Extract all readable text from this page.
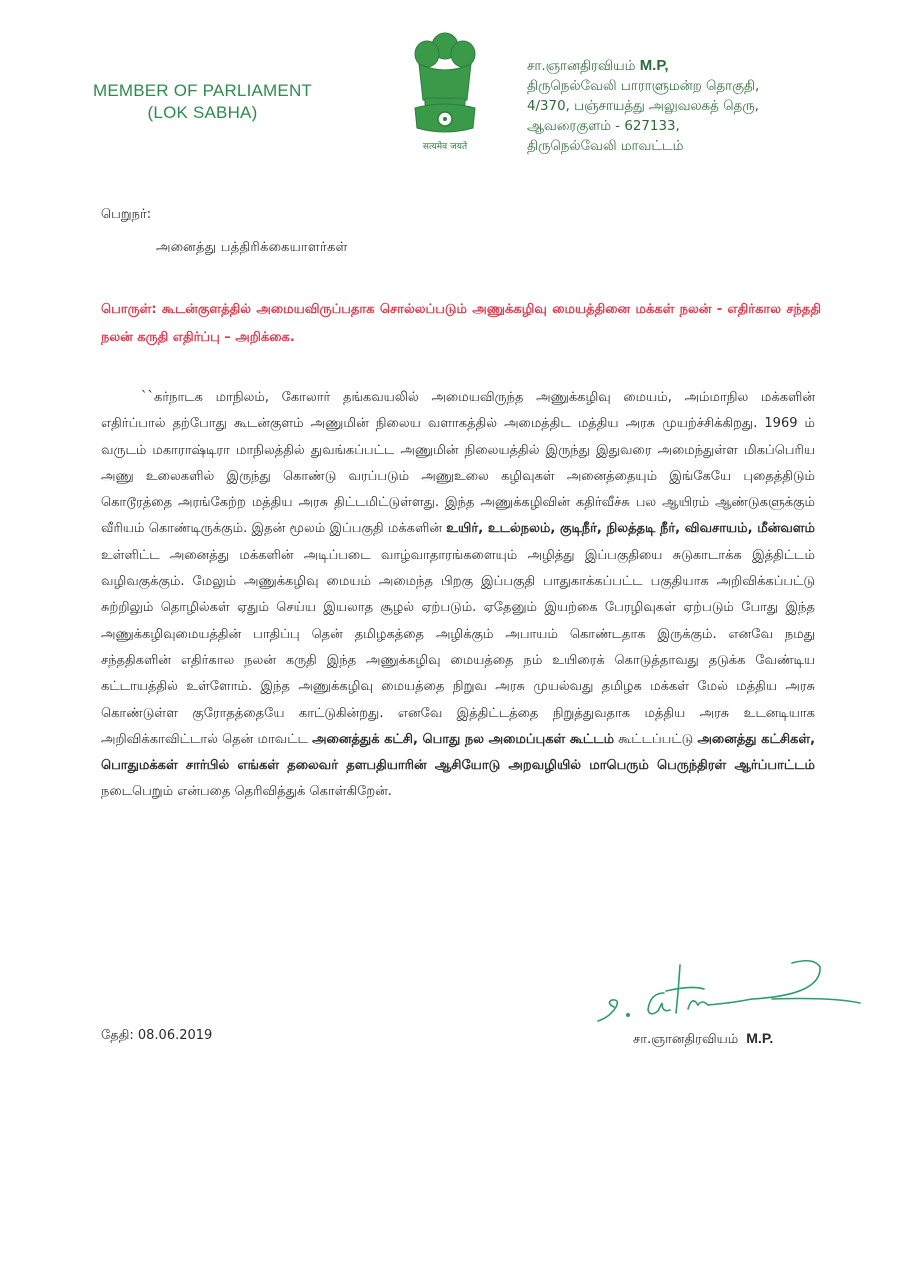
MEMBER OF PARLIAMENT
(LOK SABHA)
सत्यमेव जयते
சா.ஞானதிரவியம் M.P,
திருநெல்வேலி பாராளுமன்ற தொகுதி,
4/370, பஞ்சாயத்து அலுவலகத் தெரு,
ஆவரைகுளம் - 627133,
திருநெல்வேலி மாவட்டம்
பெறுநர்:
அனைத்து பத்திரிக்கையாளர்கள்
பொருள்: கூடன்குளத்தில் அமையவிருப்பதாக சொல்லப்படும் அணுக்கழிவு மையத்தினை மக்கள் நலன் - எதிர்கால சந்ததி நலன் கருதி எதிர்ப்பு – அறிக்கை.

``கர்நாடக மாநிலம், கோலார் தங்கவயலில் அமையவிருந்த அணுக்கழிவு மையம், அம்மாநில மக்களின் எதிர்ப்பால் தற்போது கூடன்குளம் அணுமின் நிலைய வளாகத்தில் அமைத்திட மத்திய அரசு முயற்ச்சிக்கிறது. 1969 ம் வருடம் மகாராஷ்டிரா மாநிலத்தில் துவங்கப்பட்ட அணுமின் நிலையத்தில் இருந்து இதுவரை அமைந்துள்ள மிகப்பெரிய அணு உலைகளில் இருந்து கொண்டு வரப்படும் அணுஉலை கழிவுகள் அனைத்தையும் இங்கேயே புதைத்திடும் கொடூரத்தை அரங்கேற்ற மத்திய அரசு திட்டமிட்டுள்ளது. இந்த அணுக்கழிவின் கதிர்வீச்சு பல ஆயிரம் ஆண்டுகளுக்கும் வீரியம் கொண்டிருக்கும். இதன் மூலம் இப்பகுதி மக்களின் உயிர், உடல்நலம், குடிநீர், நிலத்தடி நீர், விவசாயம், மீன்வளம் உள்ளிட்ட அனைத்து மக்களின் அடிப்படை வாழ்வாதாரங்களையும் அழித்து இப்பகுதியை சுடுகாடாக்க இத்திட்டம் வழிவகுக்கும். மேலும் அணுக்கழிவு மையம் அமைந்த பிறகு இப்பகுதி பாதுகாக்கப்பட்ட பகுதியாக அறிவிக்கப்பட்டு சுற்றிலும் தொழில்கள் ஏதும் செய்ய இயலாத சூழல் ஏற்படும். ஏதேனும் இயற்கை பேரழிவுகள் ஏற்படும் போது இந்த அணுக்கழிவுமையத்தின் பாதிப்பு தென் தமிழகத்தை அழிக்கும் அபாயம் கொண்டதாக இருக்கும். எனவே நமது சந்ததிகளின் எதிர்கால நலன் கருதி இந்த அணுக்கழிவு மையத்தை நம் உயிரைக் கொடுத்தாவது தடுக்க வேண்டிய கட்டாயத்தில் உள்ளோம். இந்த அணுக்கழிவு மையத்தை நிறுவ அரசு முயல்வது தமிழக மக்கள் மேல் மத்திய அரசு கொண்டுள்ள குரோதத்தையே காட்டுகின்றது. எனவே இத்திட்டத்தை நிறுத்துவதாக மத்திய அரசு உடனடியாக அறிவிக்காவிட்டால் தென் மாவட்ட அனைத்துக் கட்சி, பொது நல அமைப்புகள் கூட்டம் கூட்டப்பட்டு அனைத்து கட்சிகள், பொதுமக்கள் சார்பில் எங்கள் தலைவர் தளபதியாரின் ஆசியோடு அறவழியில் மாபெரும் பெருந்திரள் ஆர்ப்பாட்டம் நடைபெறும் என்பதை தெரிவித்துக் கொள்கிறேன்.

தேதி: 08.06.2019	சா.ஞானதிரவியம் M.P.
